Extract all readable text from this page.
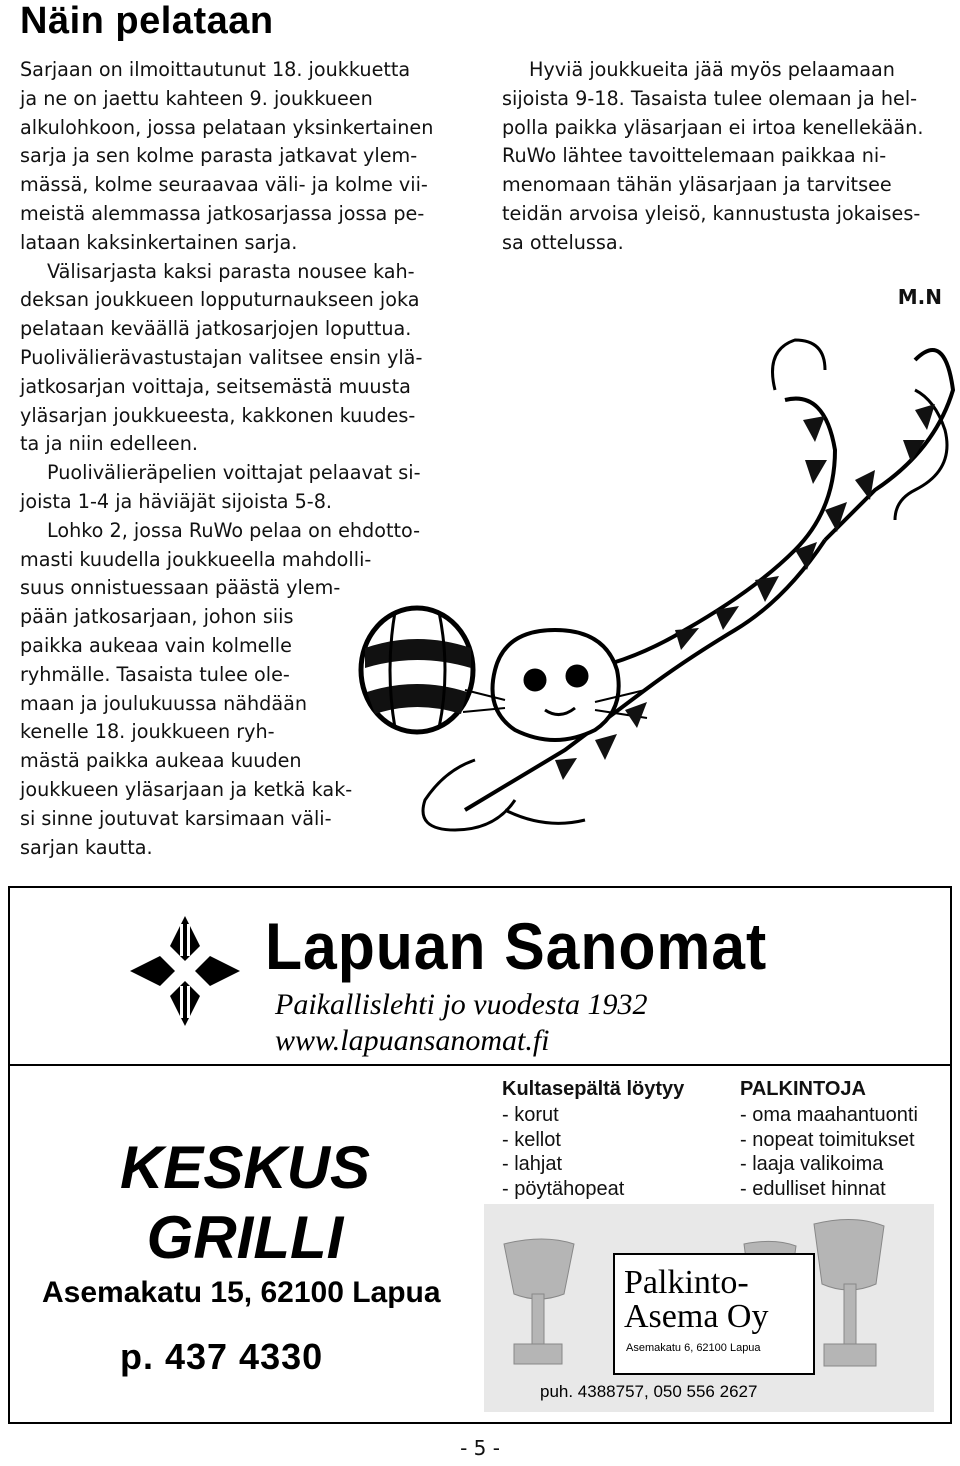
Näin pelataan
Sarjaan on ilmoittautunut 18. joukkuetta
ja ne on jaettu kahteen 9. joukkueen
alkulohkoon, jossa pelataan yksinkertainen
sarja ja sen kolme parasta jatkavat ylem-
mässä, kolme seuraavaa väli- ja kolme vii-
meistä alemmassa jatkosarjassa jossa pe-
lataan kaksinkertainen sarja.
Välisarjasta kaksi parasta nousee kah-
deksan joukkueen lopputurnaukseen joka
pelataan keväällä jatkosarjojen loputtua.
Puolivälierävastustajan valitsee ensin ylä-
jatkosarjan voittaja, seitsemästä muusta
yläsarjan joukkueesta, kakkonen kuudes-
ta ja niin edelleen.
Puolivälieräpelien voittajat pelaavat si-
joista 1-4 ja häviäjät sijoista 5-8.
Lohko 2, jossa RuWo pelaa on ehdotto-
masti kuudella joukkueella mahdolli-
suus onnistuessaan päästä ylem-
pään jatkosarjaan, johon siis
paikka aukeaa vain kolmelle
ryhmälle. Tasaista tulee ole-
maan ja joulukuussa nähdään
kenelle 18. joukkueen ryh-
mästä paikka aukeaa kuuden
joukkueen yläsarjaan ja ketkä kak-
si sinne joutuvat karsimaan väli-
sarjan kautta.
Hyviä joukkueita jää myös pelaamaan
sijoista 9-18. Tasaista tulee olemaan ja hel-
polla paikka yläsarjaan ei irtoa kenellekään.
RuWo lähtee tavoittelemaan paikkaa ni-
menomaan tähän yläsarjaan ja tarvitsee
teidän arvoisa yleisö, kannustusta jokaises-
sa ottelussa.
M.N
Lapuan Sanomat
Paikallislehti jo vuodesta 1932
www.lapuansanomat.fi
KESKUS
GRILLI
Asemakatu 15, 62100 Lapua
p. 437 4330
Kultasepältä löytyy
- korut
- kellot
- lahjat
- pöytähopeat
PALKINTOJA
- oma maahantuonti
- nopeat toimitukset
- laaja valikoima
- edulliset hinnat
Palkinto-
Asema Oy
Asemakatu 6, 62100 Lapua
puh. 4388757, 050 556 2627
- 5 -
